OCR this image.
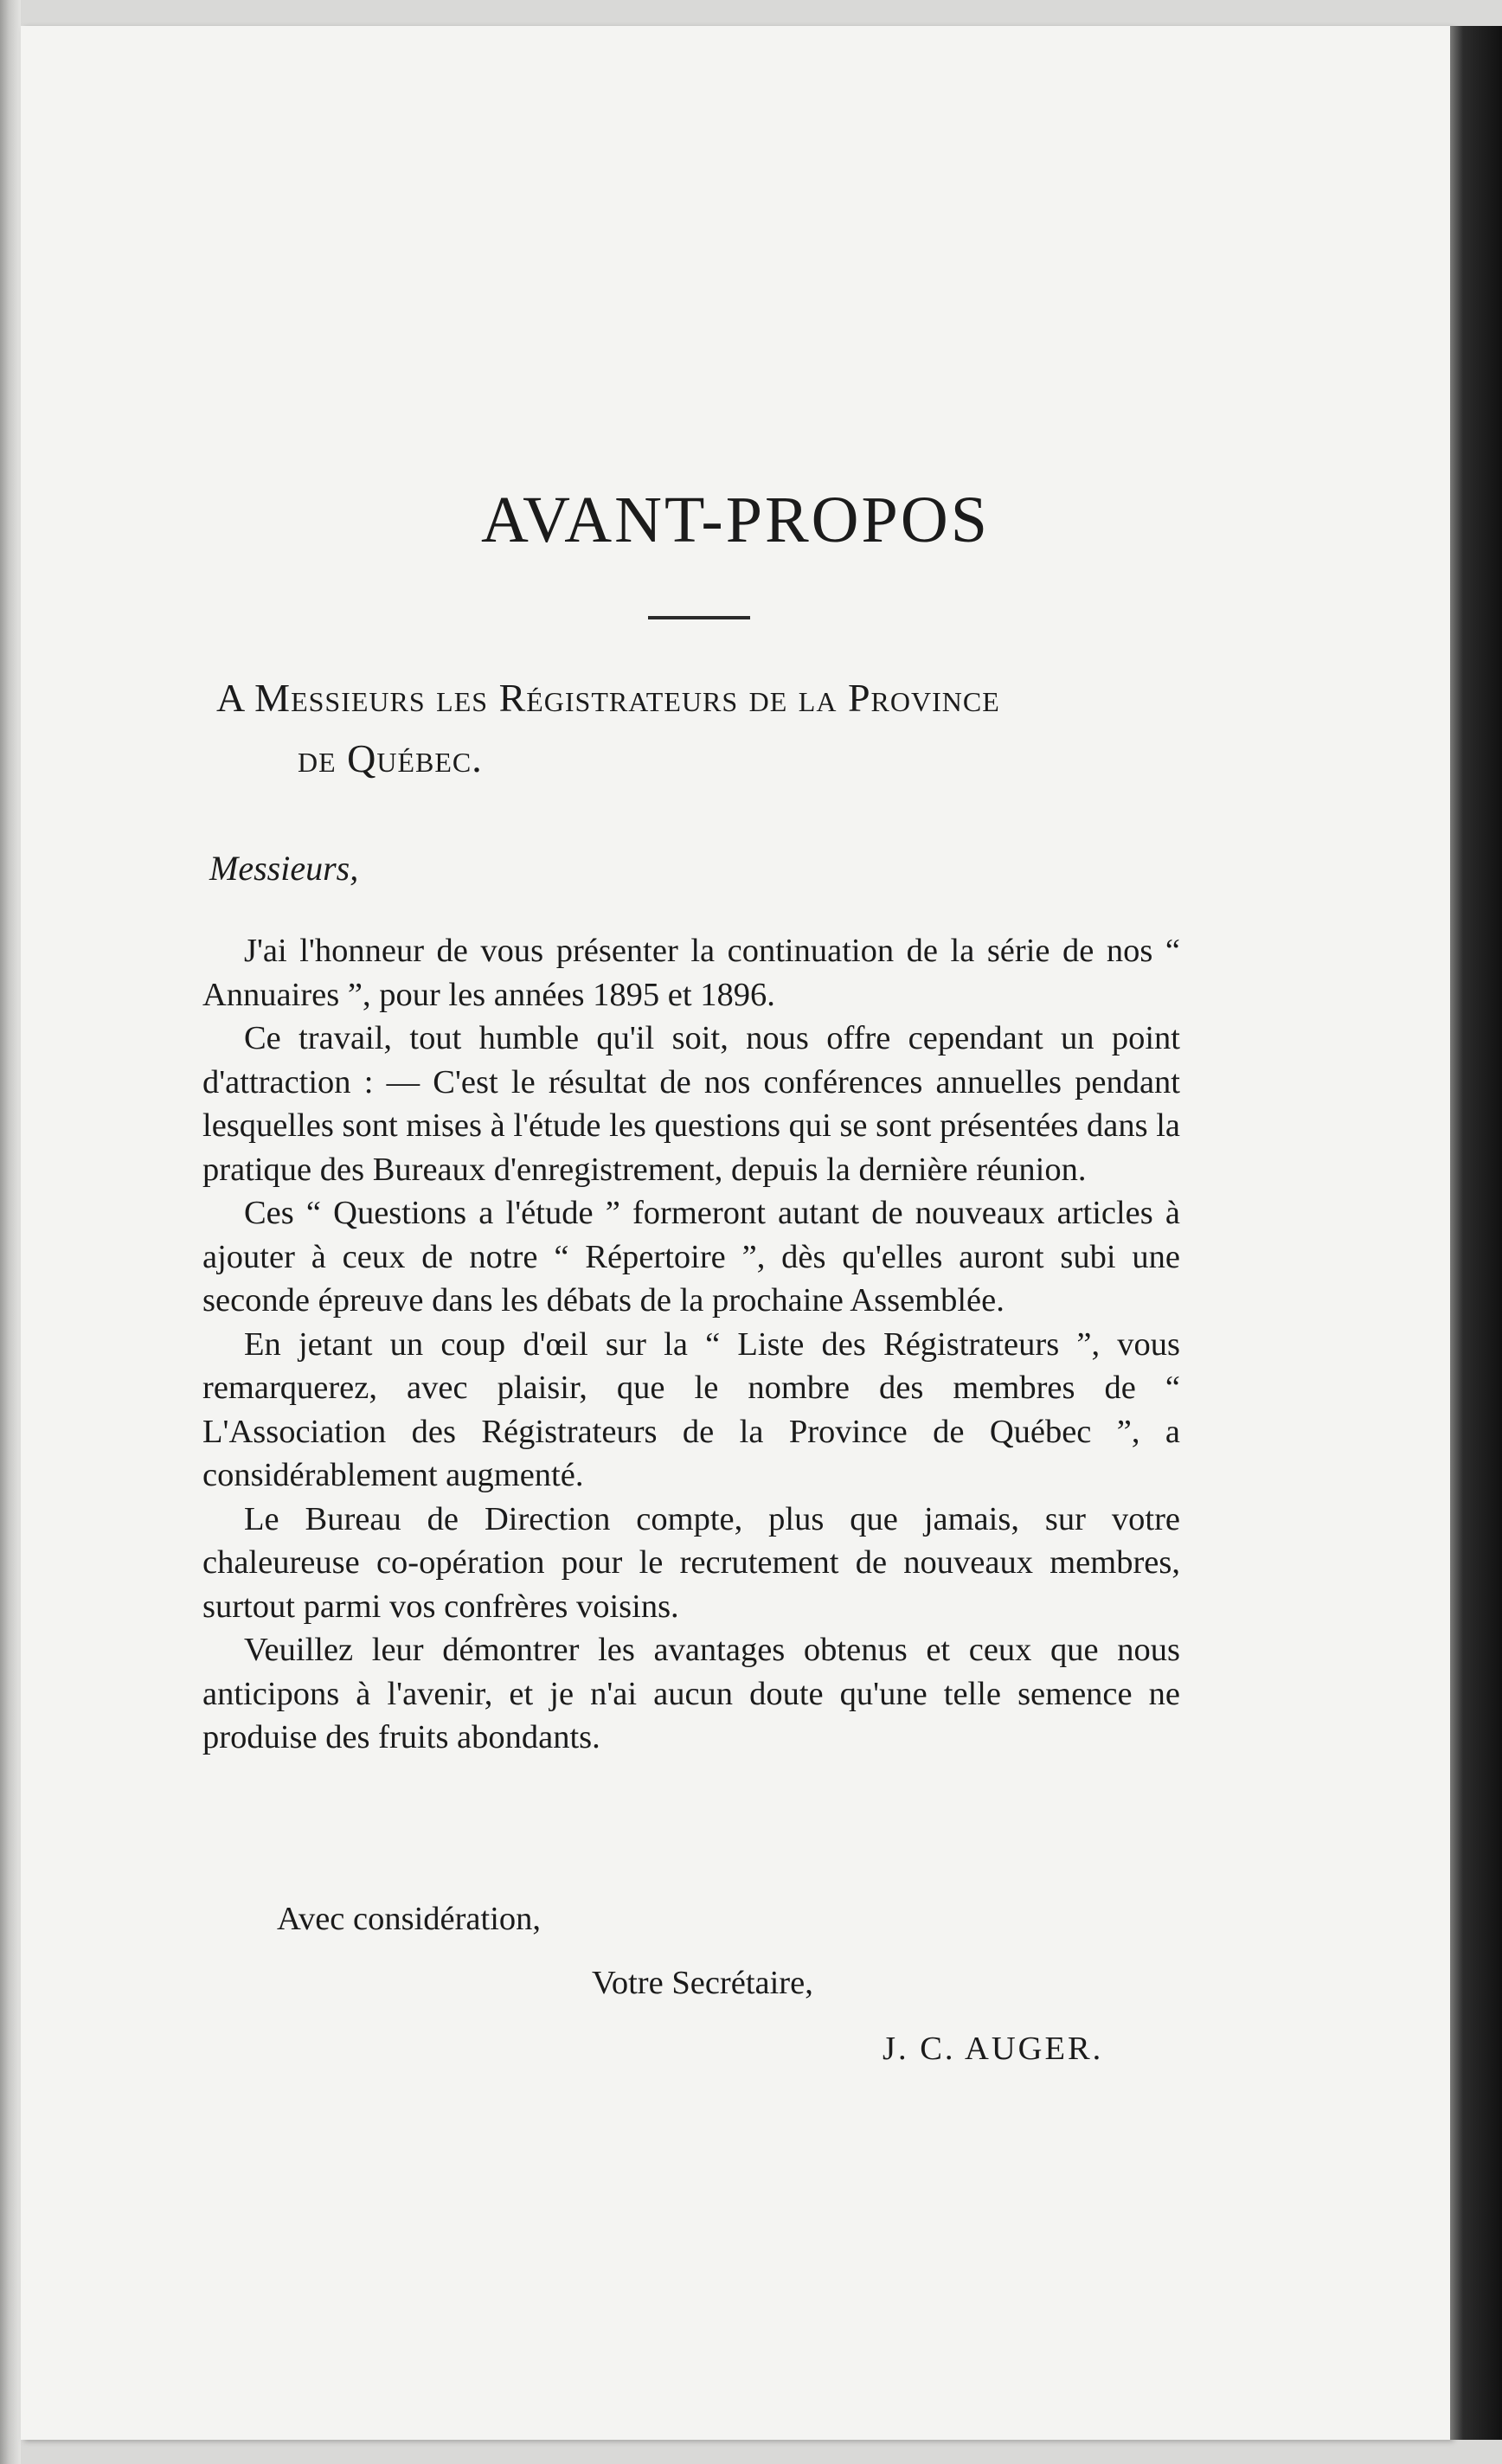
AVANT-PROPOS
A Messieurs les Régistrateurs de la Province
de Québec.

Messieurs,

J'ai l'honneur de vous présenter la continuation de la série de nos “ Annuaires ”, pour les années 1895 et 1896.

Ce travail, tout humble qu'il soit, nous offre cependant un point d'attraction : — C'est le résultat de nos conférences annuelles pendant lesquelles sont mises à l'étude les questions qui se sont présentées dans la pratique des Bureaux d'enregistrement, depuis la dernière réunion.

Ces “ Questions a l'étude ” formeront autant de nouveaux articles à ajouter à ceux de notre “ Répertoire ”, dès qu'elles auront subi une seconde épreuve dans les débats de la prochaine Assemblée.

En jetant un coup d'œil sur la “ Liste des Régistrateurs ”, vous remarquerez, avec plaisir, que le nombre des membres de “ L'Association des Régistrateurs de la Province de Québec ”, a considérablement augmenté.

Le Bureau de Direction compte, plus que jamais, sur votre chaleureuse co-opération pour le recrutement de nouveaux membres, surtout parmi vos confrères voisins.

Veuillez leur démontrer les avantages obtenus et ceux que nous anticipons à l'avenir, et je n'ai aucun doute qu'une telle semence ne produise des fruits abondants.

Avec considération,

Votre Secrétaire,

J. C. AUGER.
